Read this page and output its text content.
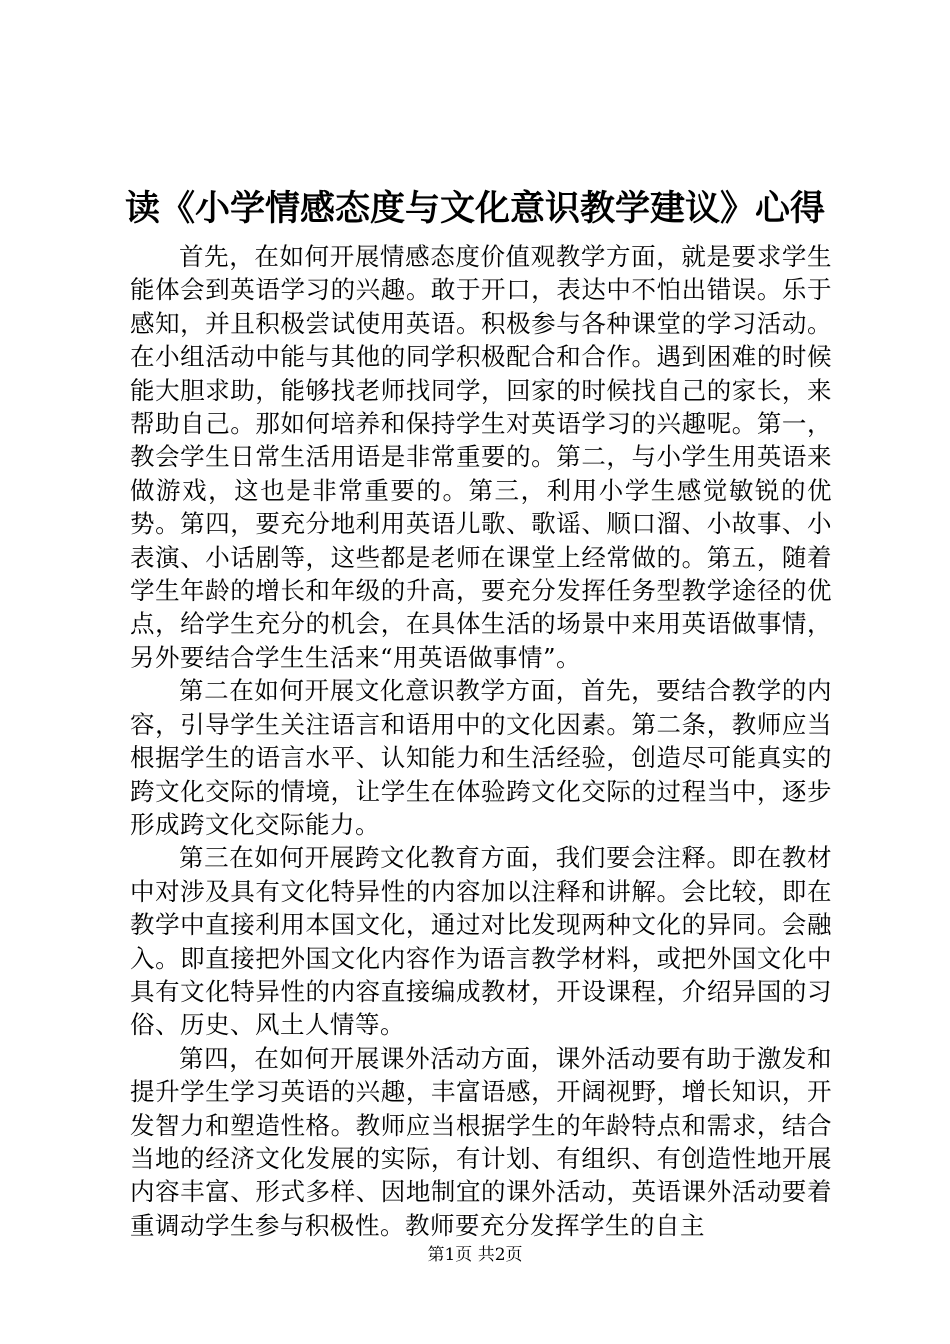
读《小学情感态度与文化意识教学建议》心得

首先，在如何开展情感态度价值观教学方面，就是要求学生能体会到英语学习的兴趣。敢于开口，表达中不怕出错误。乐于感知，并且积极尝试使用英语。积极参与各种课堂的学习活动。在小组活动中能与其他的同学积极配合和合作。遇到困难的时候能大胆求助，能够找老师找同学，回家的时候找自己的家长，来帮助自己。那如何培养和保持学生对英语学习的兴趣呢。第一，教会学生日常生活用语是非常重要的。第二，与小学生用英语来做游戏，这也是非常重要的。第三，利用小学生感觉敏锐的优势。第四，要充分地利用英语儿歌、歌谣、顺口溜、小故事、小表演、小话剧等，这些都是老师在课堂上经常做的。第五，随着学生年龄的增长和年级的升高，要充分发挥任务型教学途径的优点，给学生充分的机会，在具体生活的场景中来用英语做事情，另外要结合学生生活来“用英语做事情”。

第二在如何开展文化意识教学方面，首先，要结合教学的内容，引导学生关注语言和语用中的文化因素。第二条，教师应当根据学生的语言水平、认知能力和生活经验，创造尽可能真实的跨文化交际的情境，让学生在体验跨文化交际的过程当中，逐步形成跨文化交际能力。

第三在如何开展跨文化教育方面，我们要会注释。即在教材中对涉及具有文化特异性的内容加以注释和讲解。会比较，即在教学中直接利用本国文化，通过对比发现两种文化的异同。会融入。即直接把外国文化内容作为语言教学材料，或把外国文化中具有文化特异性的内容直接编成教材，开设课程，介绍异国的习俗、历史、风土人情等。

第四，在如何开展课外活动方面，课外活动要有助于激发和提升学生学习英语的兴趣，丰富语感，开阔视野，增长知识，开发智力和塑造性格。教师应当根据学生的年龄特点和需求，结合当地的经济文化发展的实际，有计划、有组织、有创造性地开展内容丰富、形式多样、因地制宜的课外活动，英语课外活动要着重调动学生参与积极性。教师要充分发挥学生的自主

第1页 共2页
